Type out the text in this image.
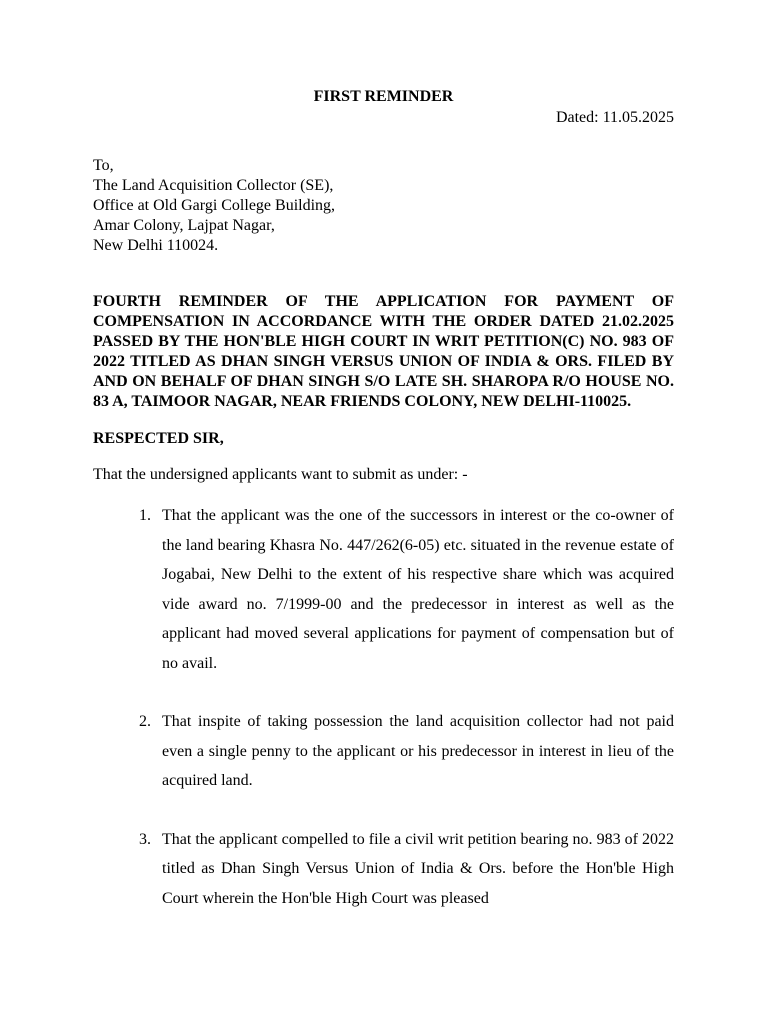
FIRST REMINDER

Dated: 11.05.2025

To,
The Land Acquisition Collector (SE),
Office at Old Gargi College Building,
Amar Colony, Lajpat Nagar,
New Delhi 110024.
FOURTH REMINDER OF THE APPLICATION FOR PAYMENT OF COMPENSATION IN ACCORDANCE WITH THE ORDER DATED 21.02.2025 PASSED BY THE HON'BLE HIGH COURT IN WRIT PETITION(C) NO. 983 OF 2022 TITLED AS DHAN SINGH VERSUS UNION OF INDIA & ORS. FILED BY AND ON BEHALF OF DHAN SINGH S/O LATE SH. SHAROPA R/O HOUSE NO. 83 A, TAIMOOR NAGAR, NEAR FRIENDS COLONY, NEW DELHI-110025.
RESPECTED SIR,
That the undersigned applicants want to submit as under: -
1. That the applicant was the one of the successors in interest or the co-owner of the land bearing Khasra No. 447/262(6-05) etc. situated in the revenue estate of Jogabai, New Delhi to the extent of his respective share which was acquired vide award no. 7/1999-00 and the predecessor in interest as well as the applicant had moved several applications for payment of compensation but of no avail.
2. That inspite of taking possession the land acquisition collector had not paid even a single penny to the applicant or his predecessor in interest in lieu of the acquired land.
3. That the applicant compelled to file a civil writ petition bearing no. 983 of 2022 titled as Dhan Singh Versus Union of India & Ors. before the Hon'ble High Court wherein the Hon'ble High Court was pleased
